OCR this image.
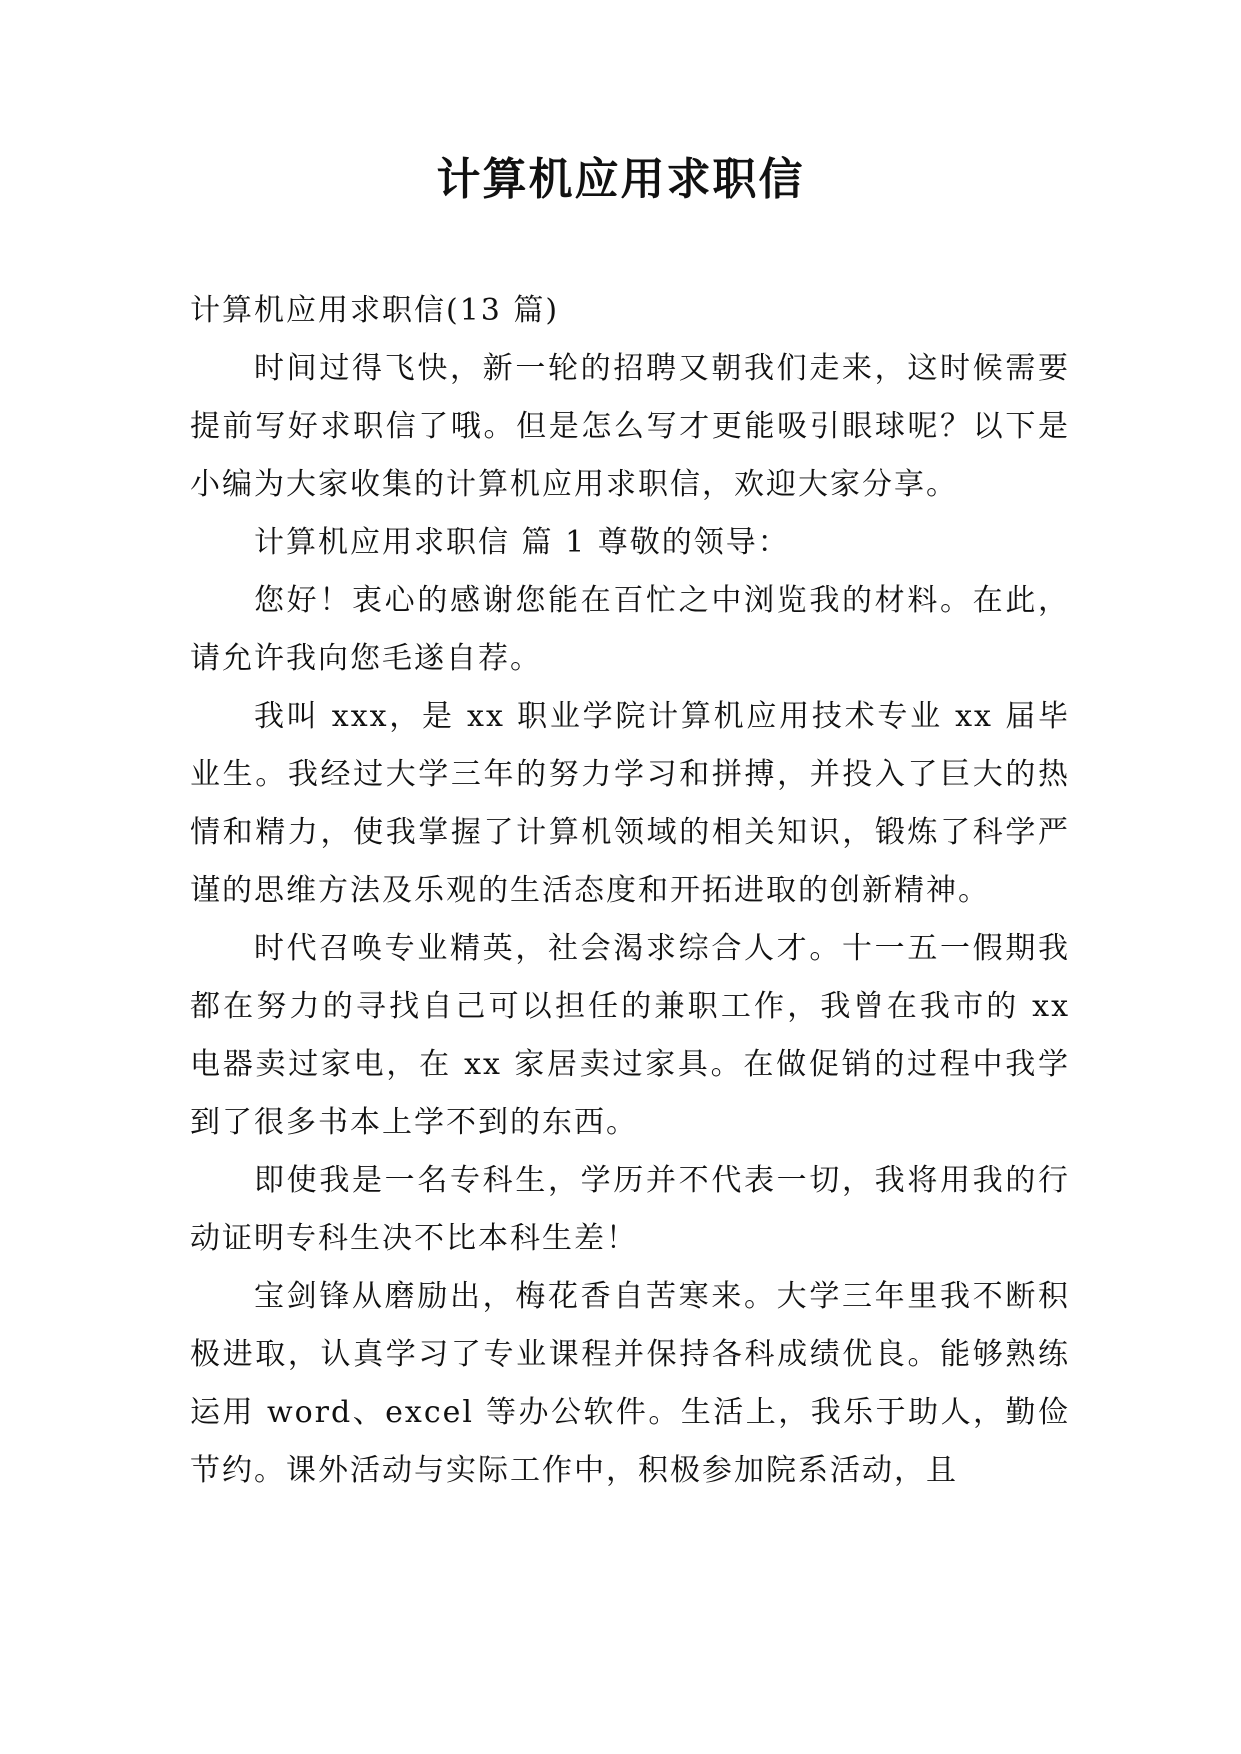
计算机应用求职信

计算机应用求职信(13 篇)

时间过得飞快，新一轮的招聘又朝我们走来，这时候需要提前写好求职信了哦。但是怎么写才更能吸引眼球呢？以下是小编为大家收集的计算机应用求职信，欢迎大家分享。

计算机应用求职信 篇 1 尊敬的领导：

您好！衷心的感谢您能在百忙之中浏览我的材料。在此，请允许我向您毛遂自荐。

我叫 xxx，是 xx 职业学院计算机应用技术专业 xx 届毕业生。我经过大学三年的努力学习和拼搏，并投入了巨大的热情和精力，使我掌握了计算机领域的相关知识，锻炼了科学严谨的思维方法及乐观的生活态度和开拓进取的创新精神。

时代召唤专业精英，社会渴求综合人才。十一五一假期我都在努力的寻找自己可以担任的兼职工作，我曾在我市的 xx 电器卖过家电，在 xx 家居卖过家具。在做促销的过程中我学到了很多书本上学不到的东西。

即使我是一名专科生，学历并不代表一切，我将用我的行动证明专科生决不比本科生差！

宝剑锋从磨励出，梅花香自苦寒来。大学三年里我不断积极进取，认真学习了专业课程并保持各科成绩优良。能够熟练运用 word、excel 等办公软件。生活上，我乐于助人，勤俭节约。课外活动与实际工作中，积极参加院系活动，且
